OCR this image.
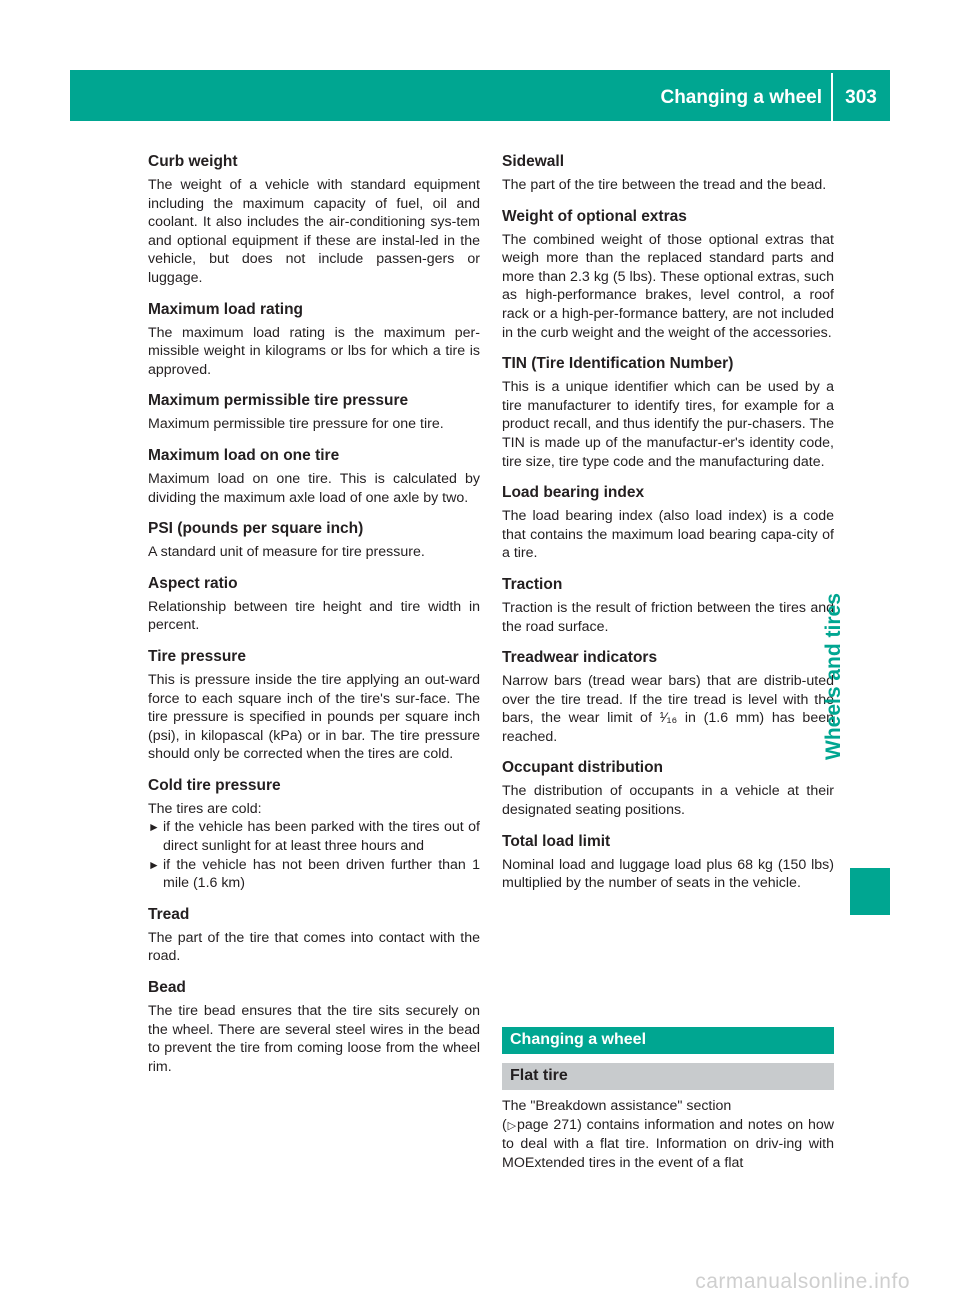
Changing a wheel	303
Curb weight

The weight of a vehicle with standard equipment including the maximum capacity of fuel, oil and coolant. It also includes the air-conditioning sys-tem and optional equipment if these are instal-led in the vehicle, but does not include passen-gers or luggage.

Maximum load rating

The maximum load rating is the maximum per-missible weight in kilograms or lbs for which a tire is approved.

Maximum permissible tire pressure

Maximum permissible tire pressure for one tire.

Maximum load on one tire

Maximum load on one tire. This is calculated by dividing the maximum axle load of one axle by two.

PSI (pounds per square inch)

A standard unit of measure for tire pressure.

Aspect ratio

Relationship between tire height and tire width in percent.

Tire pressure

This is pressure inside the tire applying an out-ward force to each square inch of the tire's sur-face. The tire pressure is specified in pounds per square inch (psi), in kilopascal (kPa) or in bar. The tire pressure should only be corrected when the tires are cold.

Cold tire pressure

The tires are cold:

► if the vehicle has been parked with the tires out of direct sunlight for at least three hours and
► if the vehicle has not been driven further than 1 mile (1.6 km)
Tread

The part of the tire that comes into contact with the road.

Bead

The tire bead ensures that the tire sits securely on the wheel. There are several steel wires in the bead to prevent the tire from coming loose from the wheel rim.

Sidewall

The part of the tire between the tread and the bead.

Weight of optional extras

The combined weight of those optional extras that weigh more than the replaced standard parts and more than 2.3 kg (5 lbs). These optional extras, such as high-performance brakes, level control, a roof rack or a high-per-formance battery, are not included in the curb weight and the weight of the accessories.

TIN (Tire Identification Number)

This is a unique identifier which can be used by a tire manufacturer to identify tires, for example for a product recall, and thus identify the pur-chasers. The TIN is made up of the manufactur-er's identity code, tire size, tire type code and the manufacturing date.

Load bearing index

The load bearing index (also load index) is a code that contains the maximum load bearing capa-city of a tire.

Traction

Traction is the result of friction between the tires and the road surface.

Treadwear indicators

Narrow bars (tread wear bars) that are distrib-uted over the tire tread. If the tire tread is level with the bars, the wear limit of ¹⁄₁₆ in (1.6 mm) has been reached.

Occupant distribution

The distribution of occupants in a vehicle at their designated seating positions.

Total load limit

Nominal load and luggage load plus 68 kg (150 lbs) multiplied by the number of seats in the vehicle.

Changing a wheel
Flat tire

The "Breakdown assistance" section
(▷page 271) contains information and notes on how to deal with a flat tire. Information on driv-ing with MOExtended tires in the event of a flat

Wheels and tires
carmanualsonline.info
